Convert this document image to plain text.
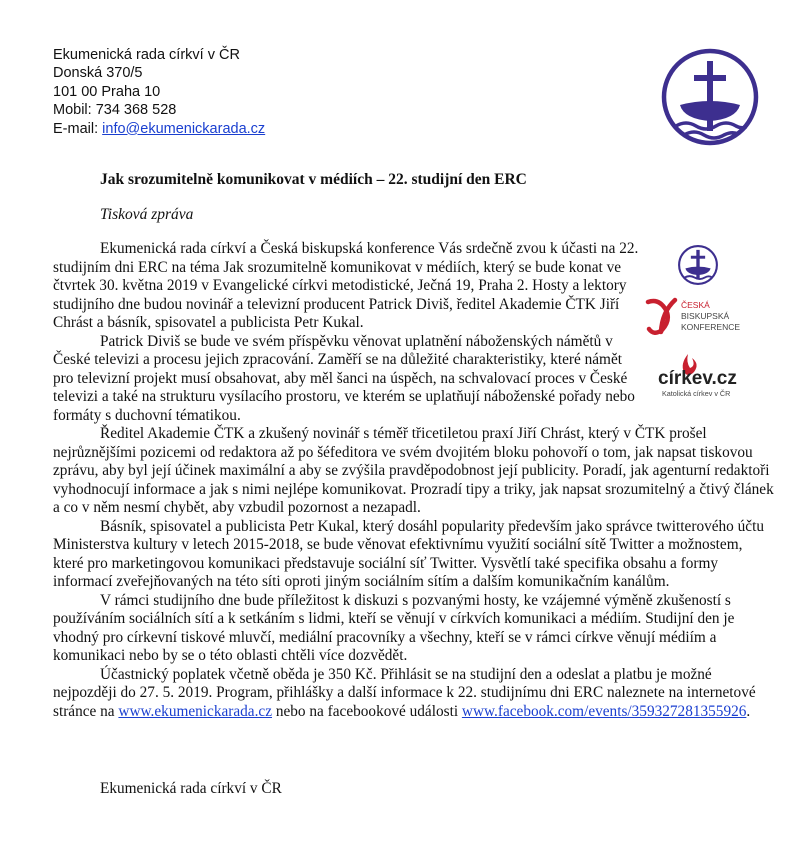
Ekumenická rada církví v ČR
Donská 370/5
101 00 Praha 10
Mobil: 734 368 528
E-mail: info@ekumenickarada.cz
Jak srozumitelně komunikovat v médiích – 22. studijní den ERC
Tisková zpráva

Ekumenická rada církví a Česká biskupská konference Vás srdečně zvou k účasti na 22. studijním dni ERC na téma Jak srozumitelně komunikovat v médiích, který se bude konat ve čtvrtek 30. května 2019 v Evangelické církvi metodistické, Ječná 19, Praha 2. Hosty a lektory studijního dne budou novinář a televizní producent Patrick Diviš, ředitel Akademie ČTK Jiří Chrást a básník, spisovatel a publicista Petr Kukal.

Patrick Diviš se bude ve svém příspěvku věnovat uplatnění náboženských námětů v České televizi a procesu jejich zpracování. Zaměří se na důležité charakteristiky, které námět pro televizní projekt musí obsahovat, aby měl šanci na úspěch, na schvalovací proces v České televizi a také na strukturu vysílacího prostoru, ve kterém se uplatňují náboženské pořady nebo formáty s duchovní tématikou.

Ředitel Akademie ČTK a zkušený novinář s téměř třicetiletou praxí Jiří Chrást, který v ČTK prošel nejrůznějšími pozicemi od redaktora až po šéfeditora ve svém dvojitém bloku pohovoří o tom, jak napsat tiskovou zprávu, aby byl její účinek maximální a aby se zvýšila pravděpodobnost její publicity. Poradí, jak agenturní redaktoři vyhodnocují informace a jak s nimi nejlépe komunikovat. Prozradí tipy a triky, jak napsat srozumitelný a čtivý článek a co v něm nesmí chybět, aby vzbudil pozornost a nezapadl.

Básník, spisovatel a publicista Petr Kukal, který dosáhl popularity především jako správce twitterového účtu Ministerstva kultury v letech 2015-2018, se bude věnovat efektivnímu využití sociální sítě Twitter a možnostem, které pro marketingovou komunikaci představuje sociální síť Twitter. Vysvětlí také specifika obsahu a formy informací zveřejňovaných na této síti oproti jiným sociálním sítím a dalším komunikačním kanálům.

V rámci studijního dne bude příležitost k diskuzi s pozvanými hosty, ke vzájemné výměně zkušeností s používáním sociálních sítí a k setkáním s lidmi, kteří se věnují v církvích komunikaci a médiím. Studijní den je vhodný pro církevní tiskové mluvčí, mediální pracovníky a všechny, kteří se v rámci církve věnují médiím a komunikaci nebo by se o této oblasti chtěli více dozvědět.

Účastnický poplatek včetně oběda je 350 Kč. Přihlásit se na studijní den a odeslat a platbu je možné nejpozději do 27. 5. 2019. Program, přihlášky a další informace k 22. studijnímu dni ERC naleznete na internetové stránce na www.ekumenickarada.cz nebo na facebookové události www.facebook.com/events/359327281355926.

Ekumenická rada církví v ČR
ČESKÁ
BISKUPSKÁ
KONFERENCE
církev.cz
Katolická církev v ČR
